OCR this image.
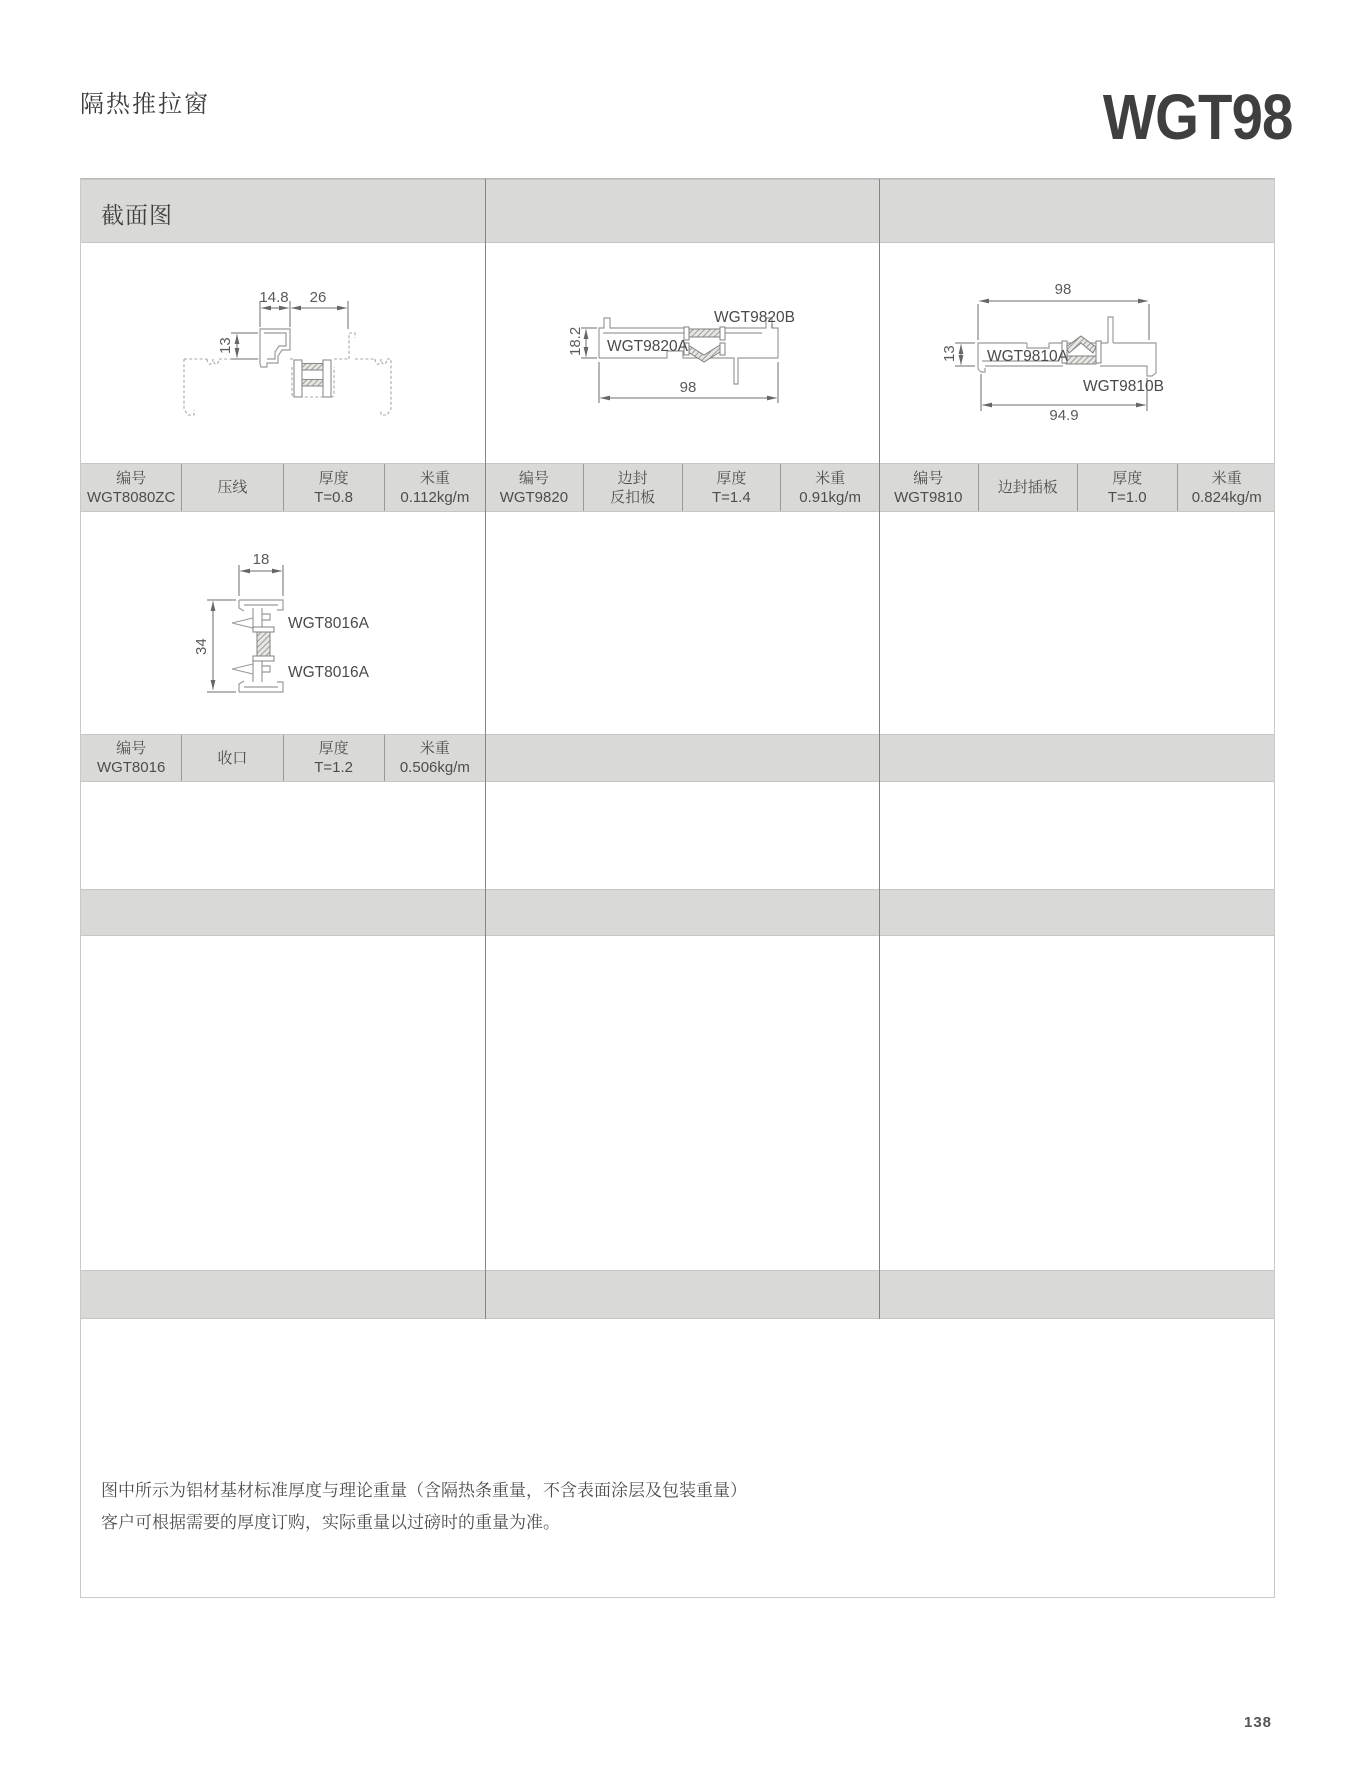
隔热推拉窗	WGT98
截面图
14.8 26
13	18.2
98
WGT9820A
WGT9820B
98
13
94.9
WGT9810A
WGT9810B
编号
WGT8080ZC
压线
厚度
T=0.8
米重
0.112kg/m
编号
WGT9820
边封
反扣板
厚度
T=1.4
米重
0.91kg/m
编号
WGT9810
边封插板
厚度
T=1.0
米重
0.824kg/m
18
34
WGT8016A
WGT8016A
编号
WGT8016
收口
厚度
T=1.2
米重
0.506kg/m
图中所示为铝材基材标准厚度与理论重量（含隔热条重量，不含表面涂层及包装重量）
客户可根据需要的厚度订购，实际重量以过磅时的重量为准。
138
